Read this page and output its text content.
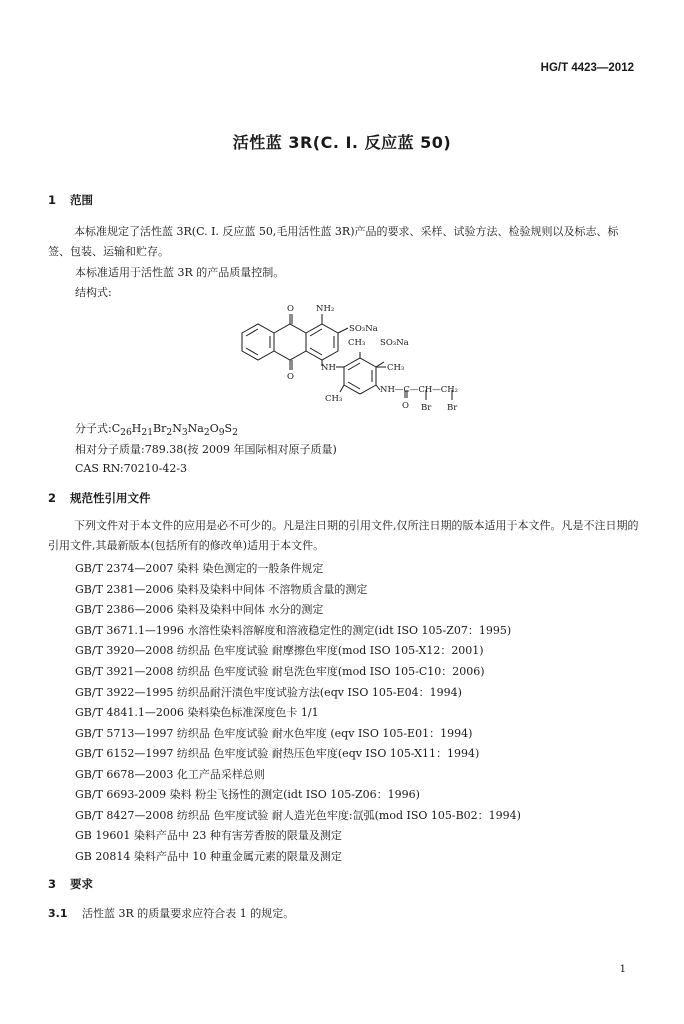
HG/T 4423—2012
活性蓝 3R(C. I. 反应蓝 50)
1 范围
本标准规定了活性蓝 3R(C. I. 反应蓝 50,毛用活性蓝 3R)产品的要求、采样、试验方法、检验规则以及标志、标签、包装、运输和贮存。
本标准适用于活性蓝 3R 的产品质量控制。
结构式:
O	NH₂
SO₃Na
CH₃ SO₃Na
O
NH	CH₃
CH₃
NH—C—CH—CH₂
O Br Br
分子式$:C_{26}H_{21}Br_2N_3Na_2O_9S_2$
相对分子质量:789.38(按 2009 年国际相对原子质量)
CAS RN:70210-42-3
2 规范性引用文件
下列文件对于本文件的应用是必不可少的。凡是注日期的引用文件,仅所注日期的版本适用于本文件。凡是不注日期的引用文件,其最新版本(包括所有的修改单)适用于本文件。
GB/T 2374—2007 染料 染色测定的一般条件规定
GB/T 2381—2006 染料及染料中间体 不溶物质含量的测定
GB/T 2386—2006 染料及染料中间体 水分的测定
GB/T 3671.1—1996 水溶性染料溶解度和溶液稳定性的测定(idt ISO 105-Z07：1995)
GB/T 3920—2008 纺织品 色牢度试验 耐摩擦色牢度(mod ISO 105-X12：2001)
GB/T 3921—2008 纺织品 色牢度试验 耐皂洗色牢度(mod ISO 105-C10：2006)
GB/T 3922—1995 纺织品耐汗渍色牢度试验方法(eqv ISO 105-E04：1994)
GB/T 4841.1—2006 染料染色标准深度色卡 1/1
GB/T 5713—1997 纺织品 色牢度试验 耐水色牢度 (eqv ISO 105-E01：1994)
GB/T 6152—1997 纺织品 色牢度试验 耐热压色牢度(eqv ISO 105-X11：1994)
GB/T 6678—2003 化工产品采样总则
GB/T 6693-2009 染料 粉尘飞扬性的测定(idt ISO 105-Z06：1996)
GB/T 8427—2008 纺织品 色牢度试验 耐人造光色牢度:氙弧(mod ISO 105-B02：1994)
GB 19601 染料产品中 23 种有害芳香胺的限量及测定
GB 20814 染料产品中 10 种重金属元素的限量及测定
3 要求
3.1 活性蓝 3R 的质量要求应符合表 1 的规定。
1
